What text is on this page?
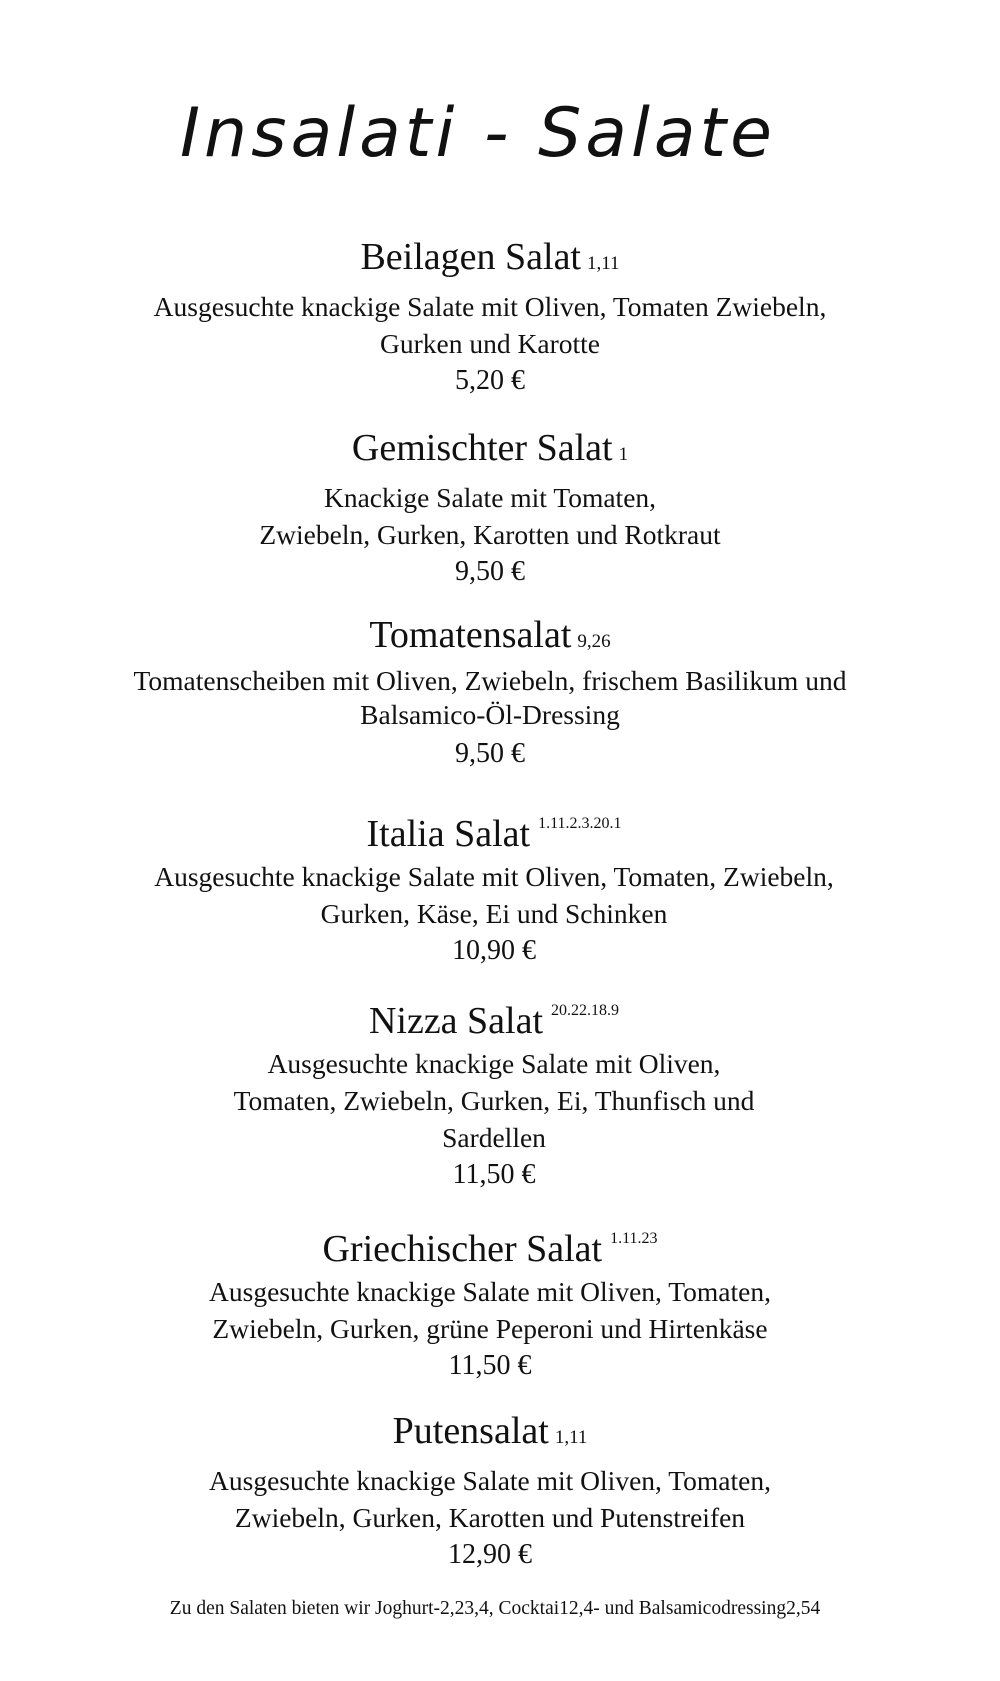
Insalati - Salate
Beilagen Salat 1,11
Ausgesuchte knackige Salate mit Oliven, Tomaten Zwiebeln,
Gurken und Karotte
5,20 €
Gemischter Salat 1
Knackige Salate mit Tomaten,
Zwiebeln, Gurken, Karotten und Rotkraut
9,50 €
Tomatensalat 9,26
Tomatenscheiben mit Oliven, Zwiebeln, frischem Basilikum und
Balsamico-Öl-Dressing
9,50 €
Italia Salat $^{1.11.2.3.20.1}$
Ausgesuchte knackige Salate mit Oliven, Tomaten, Zwiebeln,
Gurken, Käse, Ei und Schinken
10,90 €
Nizza Salat $^{20.22.18.9}$
Ausgesuchte knackige Salate mit Oliven,
Tomaten, Zwiebeln, Gurken, Ei, Thunfisch und
Sardellen
11,50 €
Griechischer Salat $^{1.11.23}$
Ausgesuchte knackige Salate mit Oliven, Tomaten,
Zwiebeln, Gurken, grüne Peperoni und Hirtenkäse
11,50 €
Putensalat 1,11
Ausgesuchte knackige Salate mit Oliven, Tomaten,
Zwiebeln, Gurken, Karotten und Putenstreifen
12,90 €
Zu den Salaten bieten wir Joghurt-2,23,4, Cocktai12,4- und Balsamicodressing2,54
